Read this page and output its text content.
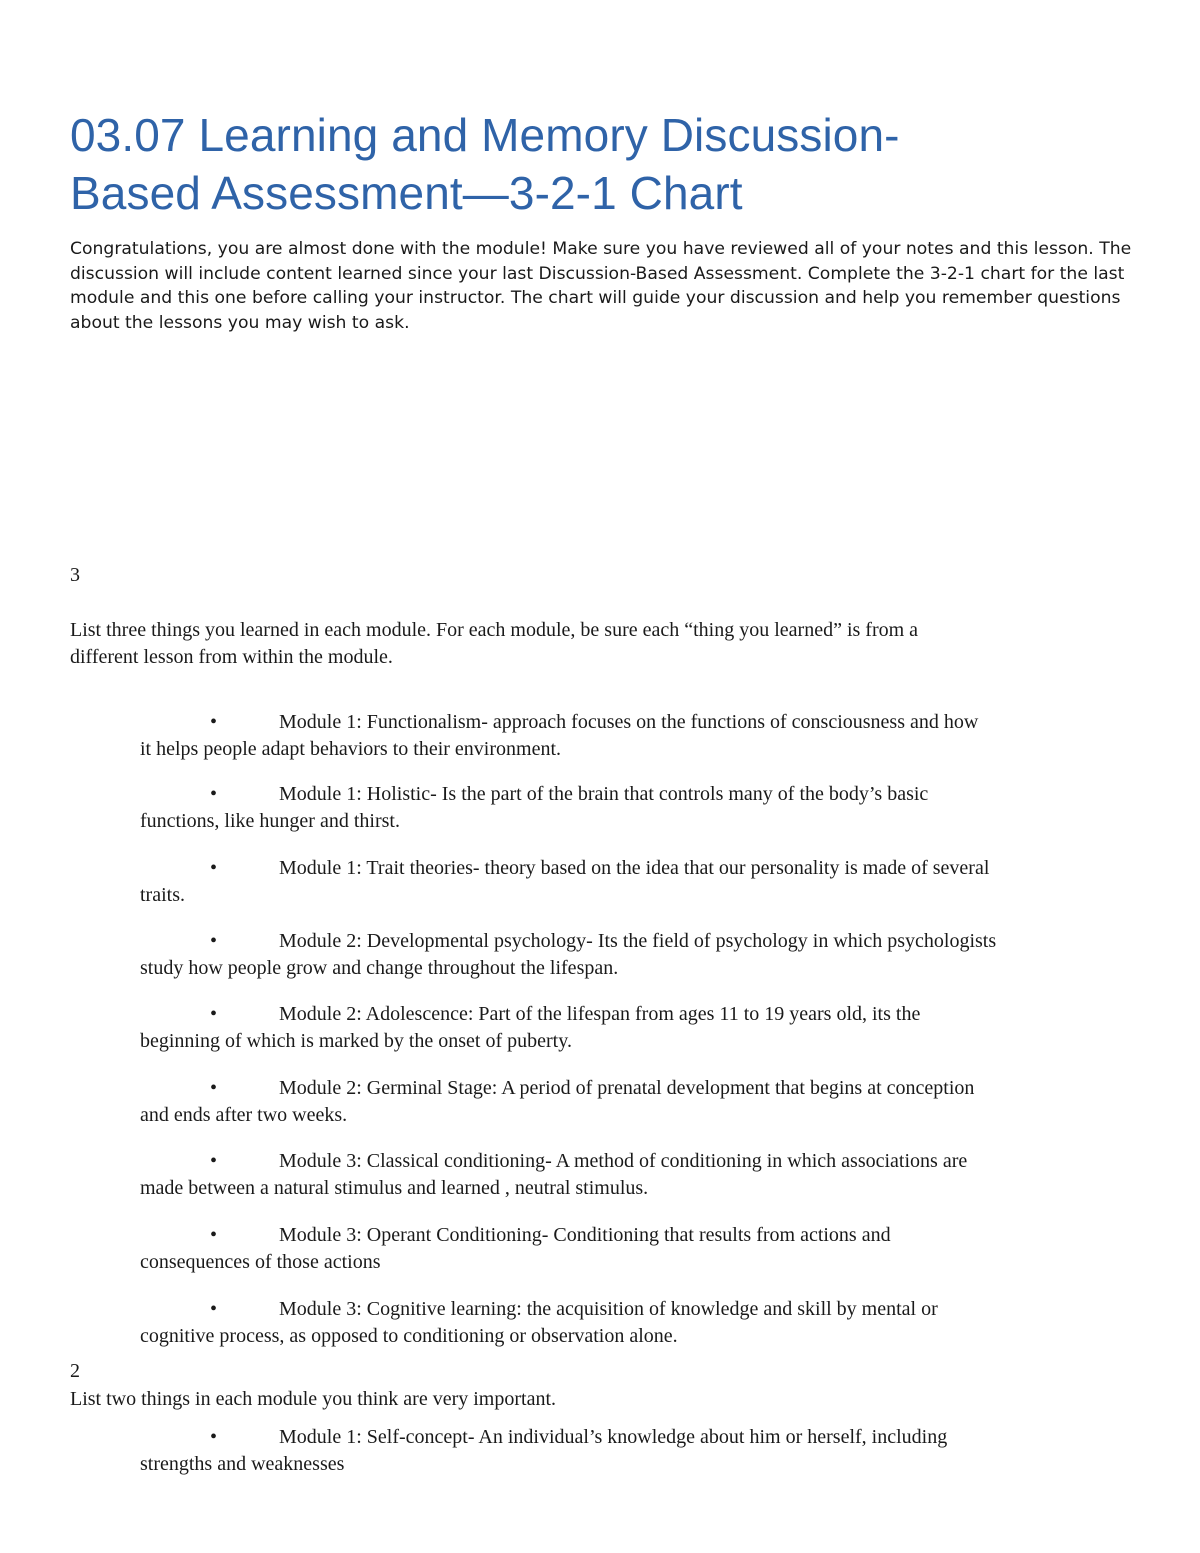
03.07 Learning and Memory Discussion-
Based Assessment—3-2-1 Chart

Congratulations, you are almost done with the module! Make sure you have reviewed all of your notes and this lesson. The discussion will include content learned since your last Discussion-Based Assessment. Complete the 3-2-1 chart for the last module and this one before calling your instructor. The chart will guide your discussion and help you remember questions about the lessons you may wish to ask.

3

List three things you learned in each module. For each module, be sure each “thing you learned” is from a
different lesson from within the module.

•	Module 1: Functionalism- approach focuses on the functions of consciousness and how
it helps people adapt behaviors to their environment.
•	Module 1: Holistic- Is the part of the brain that controls many of the body’s basic
functions, like hunger and thirst.
•	Module 1: Trait theories- theory based on the idea that our personality is made of several
traits.
•	Module 2: Developmental psychology- Its the field of psychology in which psychologists
study how people grow and change throughout the lifespan.
•	Module 2: Adolescence: Part of the lifespan from ages 11 to 19 years old, its the
beginning of which is marked by the onset of puberty.
•	Module 2: Germinal Stage: A period of prenatal development that begins at conception
and ends after two weeks.
•	Module 3: Classical conditioning- A method of conditioning in which associations are
made between a natural stimulus and learned , neutral stimulus.
•	Module 3: Operant Conditioning- Conditioning that results from actions and
consequences of those actions
•	Module 3: Cognitive learning: the acquisition of knowledge and skill by mental or
cognitive process, as opposed to conditioning or observation alone.

2

List two things in each module you think are very important.

•	Module 1: Self-concept- An individual’s knowledge about him or herself, including
strengths and weaknesses
